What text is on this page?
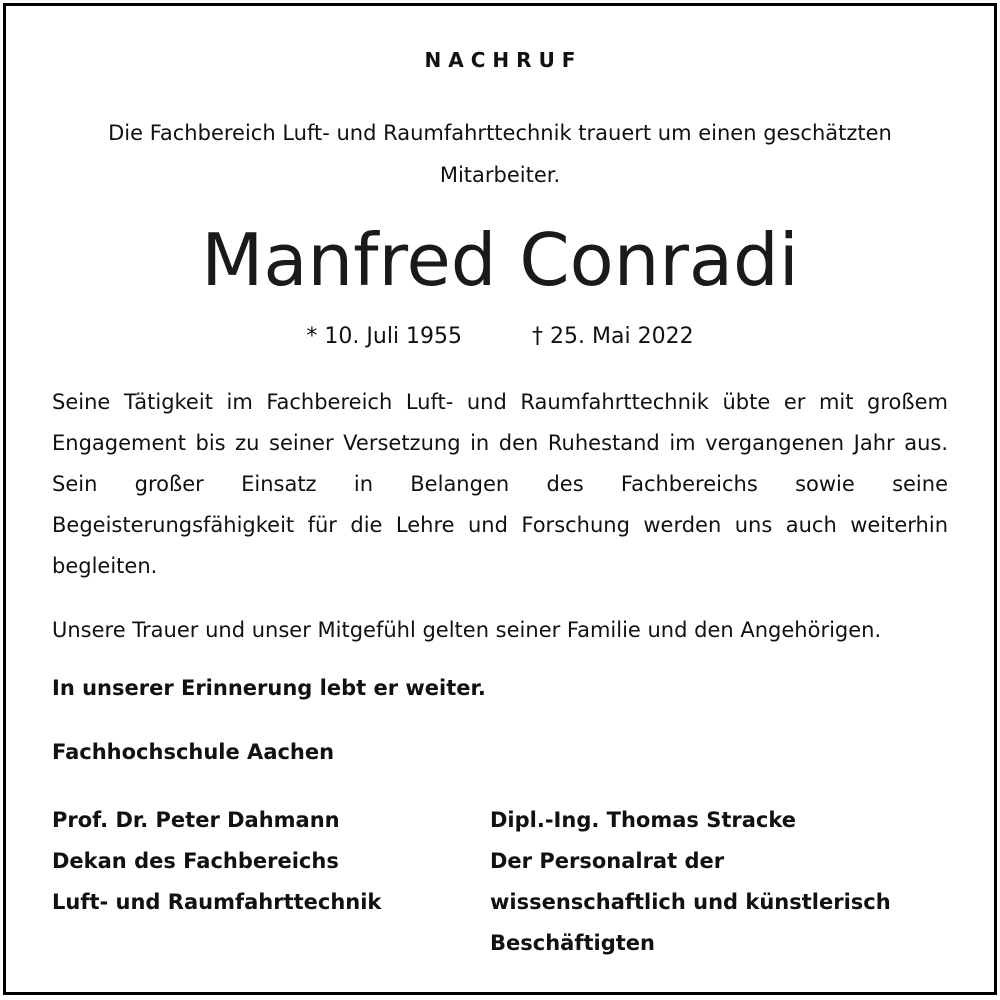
NACHRUF
Die Fachbereich Luft- und Raumfahrttechnik trauert um einen geschätzten Mitarbeiter.
Manfred Conradi
* 10. Juli 1955	† 25. Mai 2022
Seine Tätigkeit im Fachbereich Luft- und Raumfahrttechnik übte er mit großem Engagement bis zu seiner Versetzung in den Ruhestand im vergangenen Jahr aus. Sein großer Einsatz in Belangen des Fachbereichs sowie seine Begeisterungsfähigkeit für die Lehre und Forschung werden uns auch weiterhin begleiten.
Unsere Trauer und unser Mitgefühl gelten seiner Familie und den Angehörigen.
In unserer Erinnerung lebt er weiter.
Fachhochschule Aachen
Prof. Dr. Peter Dahmann
Dekan des Fachbereichs
Luft- und Raumfahrttechnik
Dipl.-Ing. Thomas Stracke
Der Personalrat der
wissenschaftlich und künstlerisch
Beschäftigten
